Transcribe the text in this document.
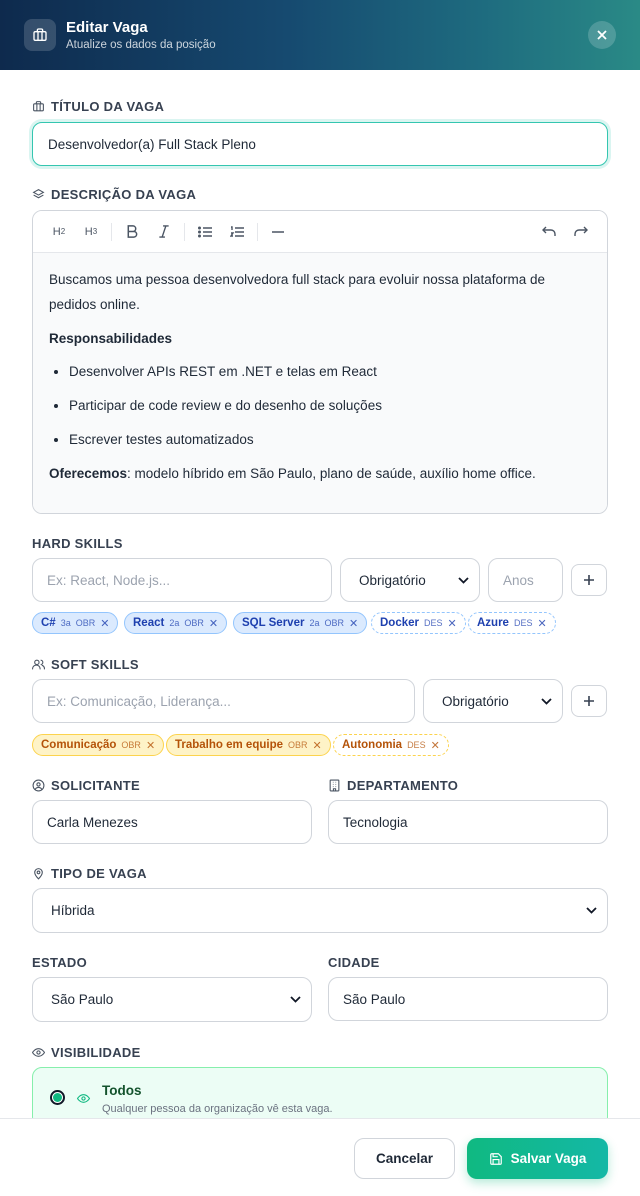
Editar Vaga
Atualize os dados da posição
TÍTULO DA VAGA
Desenvolvedor(a) Full Stack Pleno
DESCRIÇÃO DA VAGA
H 2	H 3

Buscamos uma pessoa desenvolvedora full stack para evoluir nossa plataforma de pedidos online.

Responsabilidades

• Desenvolver APIs REST em .NET e telas em React
• Participar de code review e do desenho de soluções
• Escrever testes automatizados

Oferecemos: modelo híbrido em São Paulo, plano de saúde, auxílio home office.

HARD SKILLS
Ex: React, Node.js...	Obrigatório	Anos
C# 3a OBR ✕ React 2a OBR ✕ SQL Server 2a OBR ✕ Docker DES ✕ Azure DES ✕
SOFT SKILLS
Ex: Comunicação, Liderança...	Obrigatório
Comunicação OBR ✕ Trabalho em equipe OBR ✕ Autonomia DES ✕
SOLICITANTE
Carla Menezes
DEPARTAMENTO
Tecnologia
TIPO DE VAGA
Híbrida
ESTADO
São Paulo
CIDADE
São Paulo
VISIBILIDADE
Todos
Qualquer pessoa da organização vê esta vaga.
Cancelar	Salvar Vaga
